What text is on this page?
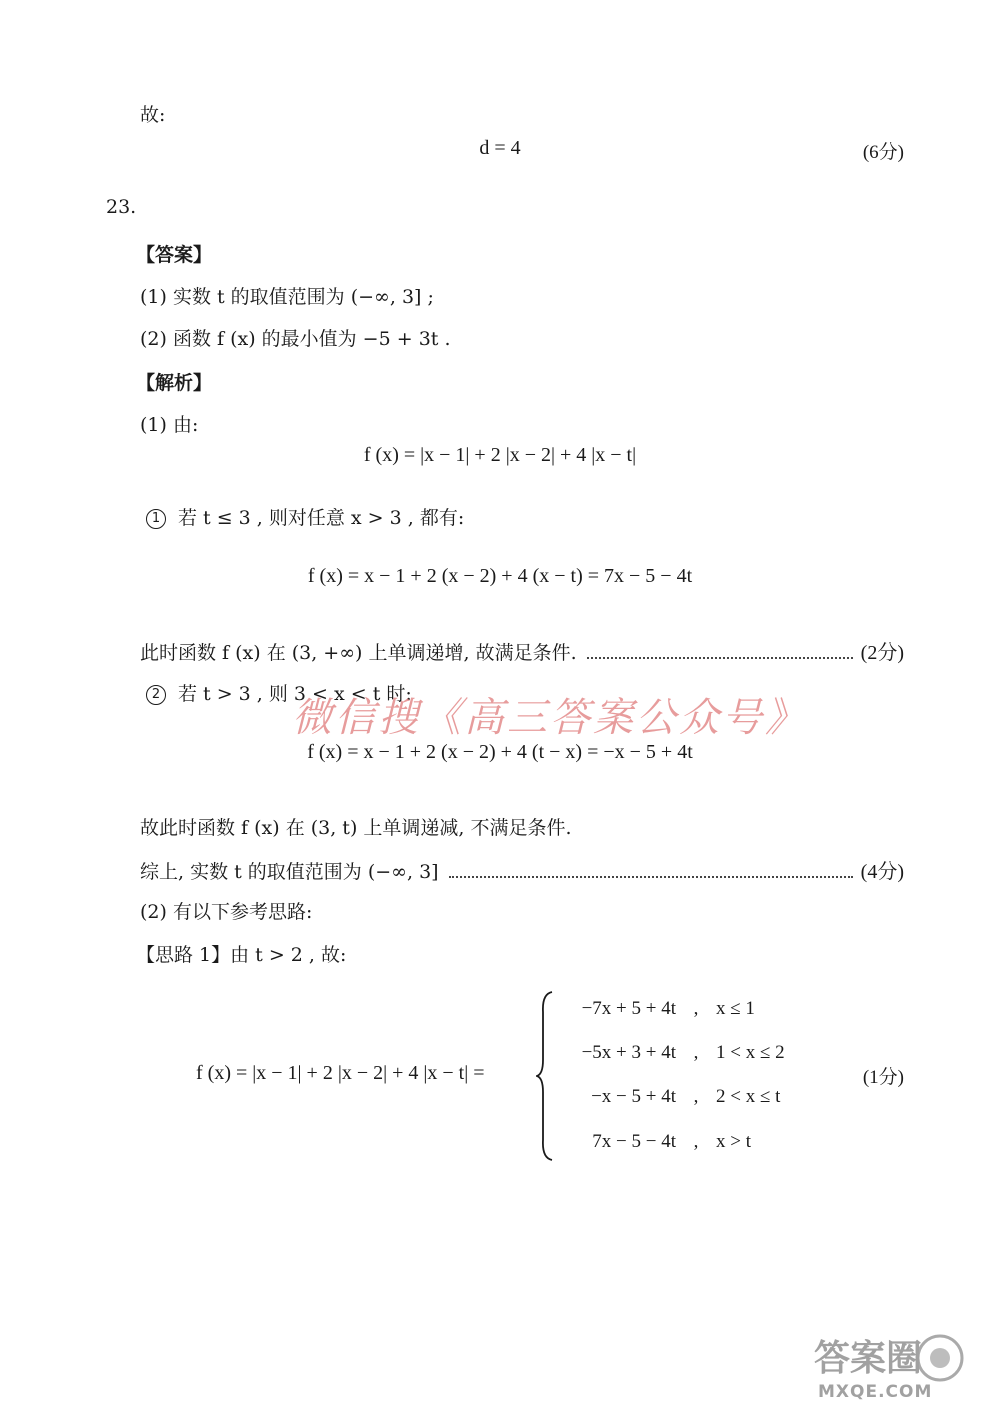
故:
d = 4	(6分)
23.
【答案】
(1) 实数 t 的取值范围为 (−∞, 3] ;
(2) 函数 f (x) 的最小值为 −5 + 3t .
【解析】
(1) 由:
f (x) = |x − 1| + 2 |x − 2| + 4 |x − t|
1 若 t ≤ 3 , 则对任意 x > 3 , 都有:
f (x) = x − 1 + 2 (x − 2) + 4 (x − t) = 7x − 5 − 4t
此时函数 f (x) 在 (3, +∞) 上单调递增, 故满足条件.	(2分)
2 若 t > 3 , 则 3 < x < t 时:
微信搜《高三答案公众号》
f (x) = x − 1 + 2 (x − 2) + 4 (t − x) = −x − 5 + 4t
故此时函数 f (x) 在 (3, t) 上单调递减, 不满足条件.
综上, 实数 t 的取值范围为 (−∞, 3]	(4分)
(2) 有以下参考思路:
【思路 1】由 t > 2 , 故:
f (x) = |x − 1| + 2 |x − 2| + 4 |x − t| =
−7x + 5 + 4t , x ≤ 1
−5x + 3 + 4t , 1 < x ≤ 2
−x − 5 + 4t , 2 < x ≤ t
7x − 5 − 4t , x > t
(1分)
答案圈
MXQE.COM
